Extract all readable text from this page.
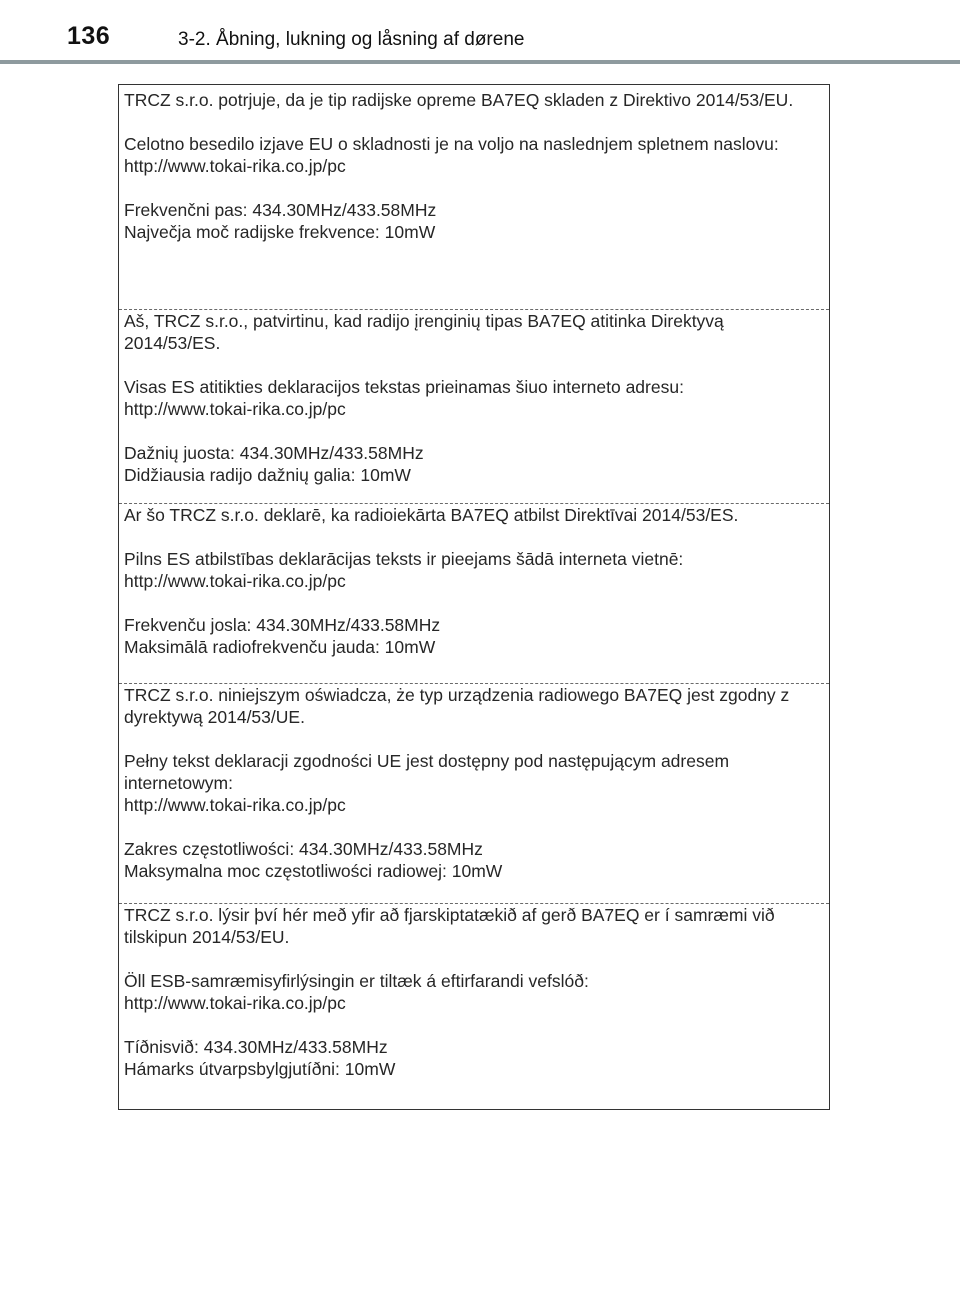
136	3-2. Åbning, lukning og låsning af dørene

TRCZ s.r.o. potrjuje, da je tip radijske opreme BA7EQ skladen z Direktivo 2014/53/EU.

Celotno besedilo izjave EU o skladnosti je na voljo na naslednjem spletnem naslovu:

http://www.tokai-rika.co.jp/pc

Frekvenčni pas: 434.30MHz/433.58MHz

Največja moč radijske frekvence: 10mW

Aš, TRCZ s.r.o., patvirtinu, kad radijo įrenginių tipas BA7EQ atitinka Direktyvą 2014/53/ES.

Visas ES atitikties deklaracijos tekstas prieinamas šiuo interneto adresu:

http://www.tokai-rika.co.jp/pc

Dažnių juosta: 434.30MHz/433.58MHz

Didžiausia radijo dažnių galia: 10mW

Ar šo TRCZ s.r.o. deklarē, ka radioiekārta BA7EQ atbilst Direktīvai 2014/53/ES.

Pilns ES atbilstības deklarācijas teksts ir pieejams šādā interneta vietnē:

http://www.tokai-rika.co.jp/pc

Frekvenču josla: 434.30MHz/433.58MHz

Maksimālā radiofrekvenču jauda: 10mW

TRCZ s.r.o. niniejszym oświadcza, że typ urządzenia radiowego BA7EQ jest zgodny z dyrektywą 2014/53/UE.

Pełny tekst deklaracji zgodności UE jest dostępny pod następującym adresem internetowym:

http://www.tokai-rika.co.jp/pc

Zakres częstotliwości: 434.30MHz/433.58MHz

Maksymalna moc częstotliwości radiowej: 10mW

TRCZ s.r.o. lýsir því hér með yfir að fjarskiptatækið af gerð BA7EQ er í samræmi við tilskipun 2014/53/EU.

Öll ESB-samræmisyfirlýsingin er tiltæk á eftirfarandi vefslóð:

http://www.tokai-rika.co.jp/pc

Tíðnisvið: 434.30MHz/433.58MHz

Hámarks útvarpsbylgjutíðni: 10mW
